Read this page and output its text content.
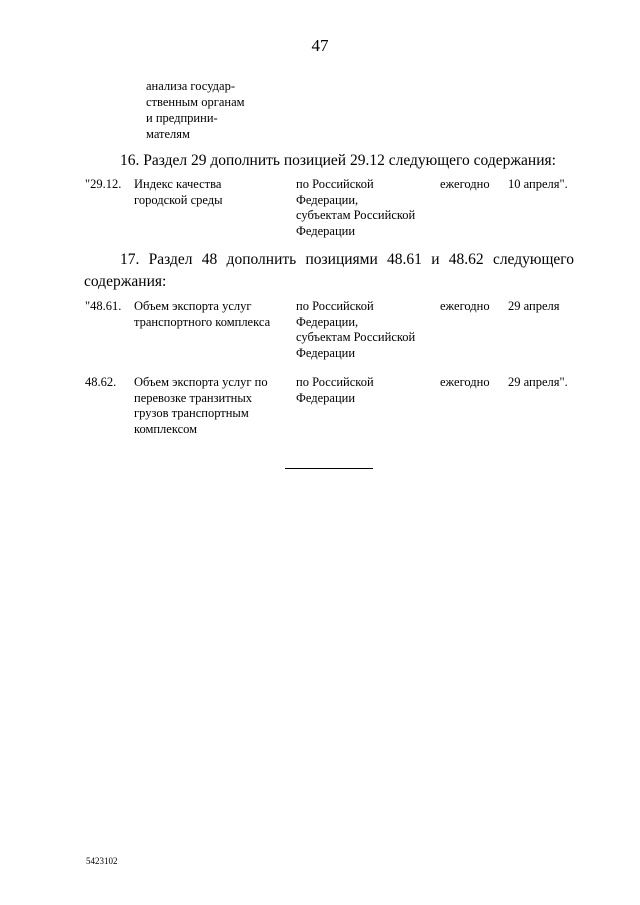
47
анализа государ-
ственным органам
и предприни-
мателям
16. Раздел 29 дополнить позицией 29.12 следующего содержания:
"29.12. Индекс качества
городской среды
по Российской
Федерации,
субъектам Российской
Федерации
ежегодно 10 апреля".
17. Раздел 48 дополнить позициями 48.61 и 48.62 следующего содержания:
"48.61. Объем экспорта услуг
транспортного комплекса
по Российской
Федерации,
субъектам Российской
Федерации
ежегодно 29 апреля
48.62. Объем экспорта услуг по
перевозке транзитных
грузов транспортным
комплексом
по Российской
Федерации
ежегодно 29 апреля".
5423102
